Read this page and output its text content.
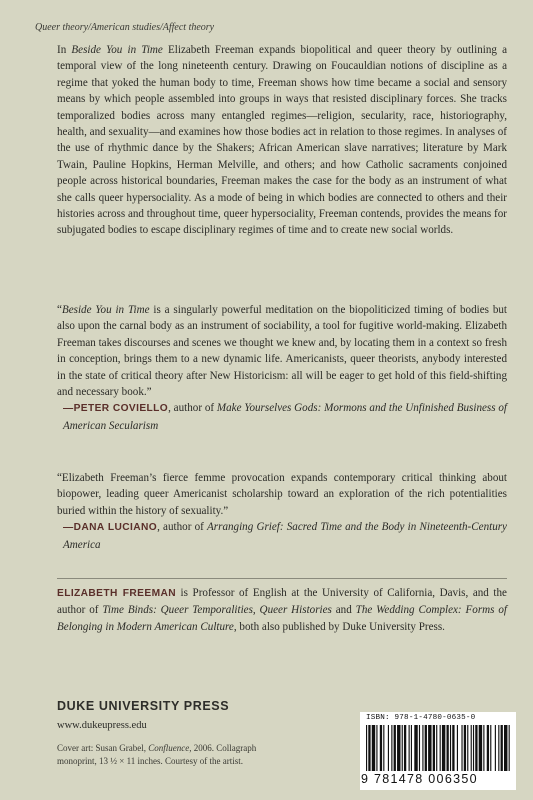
Queer theory/American studies/Affect theory

In Beside You in Time Elizabeth Freeman expands biopolitical and queer theory by outlining a temporal view of the long nineteenth century. Drawing on Foucauldian notions of discipline as a regime that yoked the human body to time, Freeman shows how time became a social and sensory means by which people assembled into groups in ways that resisted disciplinary forces. She tracks temporalized bodies across many entangled regimes—religion, secularity, race, historiography, health, and sexuality—and examines how those bodies act in relation to those regimes. In analyses of the use of rhythmic dance by the Shakers; African American slave narratives; literature by Mark Twain, Pauline Hopkins, Herman Melville, and others; and how Catholic sacraments conjoined people across historical boundaries, Freeman makes the case for the body as an instrument of what she calls queer hypersociality. As a mode of being in which bodies are connected to others and their histories across and throughout time, queer hypersociality, Freeman contends, provides the means for subjugated bodies to escape disciplinary regimes of time and to create new social worlds.

“Beside You in Time is a singularly powerful meditation on the biopoliticized timing of bodies but also upon the carnal body as an instrument of sociability, a tool for fugitive world-making. Elizabeth Freeman takes discourses and scenes we thought we knew and, by locating them in a context so fresh in conception, brings them to a new dynamic life. Americanists, queer theorists, anybody interested in the state of critical theory after New Historicism: all will be eager to get hold of this field-shifting and necessary book.”

—PETER COVIELLO, author of Make Yourselves Gods: Mormons and the Unfinished Business of American Secularism

“Elizabeth Freeman’s fierce femme provocation expands contemporary critical thinking about biopower, leading queer Americanist scholarship toward an exploration of the rich potentialities buried within the history of sexuality.”

—DANA LUCIANO, author of Arranging Grief: Sacred Time and the Body in Nineteenth-Century America

ELIZABETH FREEMAN is Professor of English at the University of California, Davis, and the author of Time Binds: Queer Temporalities, Queer Histories and The Wedding Complex: Forms of Belonging in Modern American Culture, both also published by Duke University Press.

DUKE UNIVERSITY PRESS
www.dukeupress.edu
Cover art: Susan Grabel, Confluence, 2006. Collagraph monoprint, 13 ½ × 11 inches. Courtesy of the artist.
ISBN: 978-1-4780-0635-0
9 781478 006350
